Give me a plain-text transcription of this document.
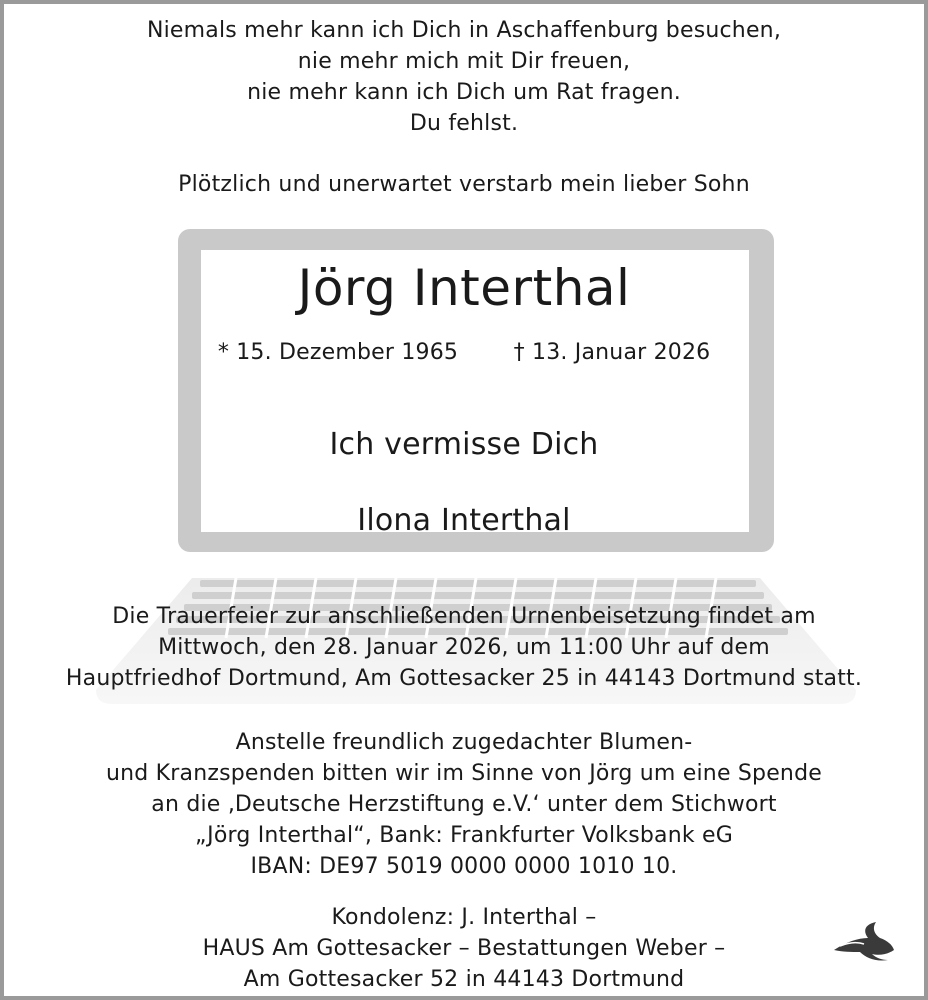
Niemals mehr kann ich Dich in Aschaffenburg besuchen,
nie mehr mich mit Dir freuen,
nie mehr kann ich Dich um Rat fragen.
Du fehlst.
Plötzlich und unerwartet verstarb mein lieber Sohn
Jörg Interthal
* 15. Dezember 1965	† 13. Januar 2026
Ich vermisse Dich
Ilona Interthal
Die Trauerfeier zur anschließenden Urnenbeisetzung findet am
Mittwoch, den 28. Januar 2026, um 11:00 Uhr auf dem
Hauptfriedhof Dortmund, Am Gottesacker 25 in 44143 Dortmund statt.
Anstelle freundlich zugedachter Blumen-
und Kranzspenden bitten wir im Sinne von Jörg um eine Spende
an die ‚Deutsche Herzstiftung e.V.‘ unter dem Stichwort
„Jörg Interthal“, Bank: Frankfurter Volksbank eG
IBAN: DE97 5019 0000 0000 1010 10.
Kondolenz: J. Interthal –
HAUS Am Gottesacker – Bestattungen Weber –
Am Gottesacker 52 in 44143 Dortmund
